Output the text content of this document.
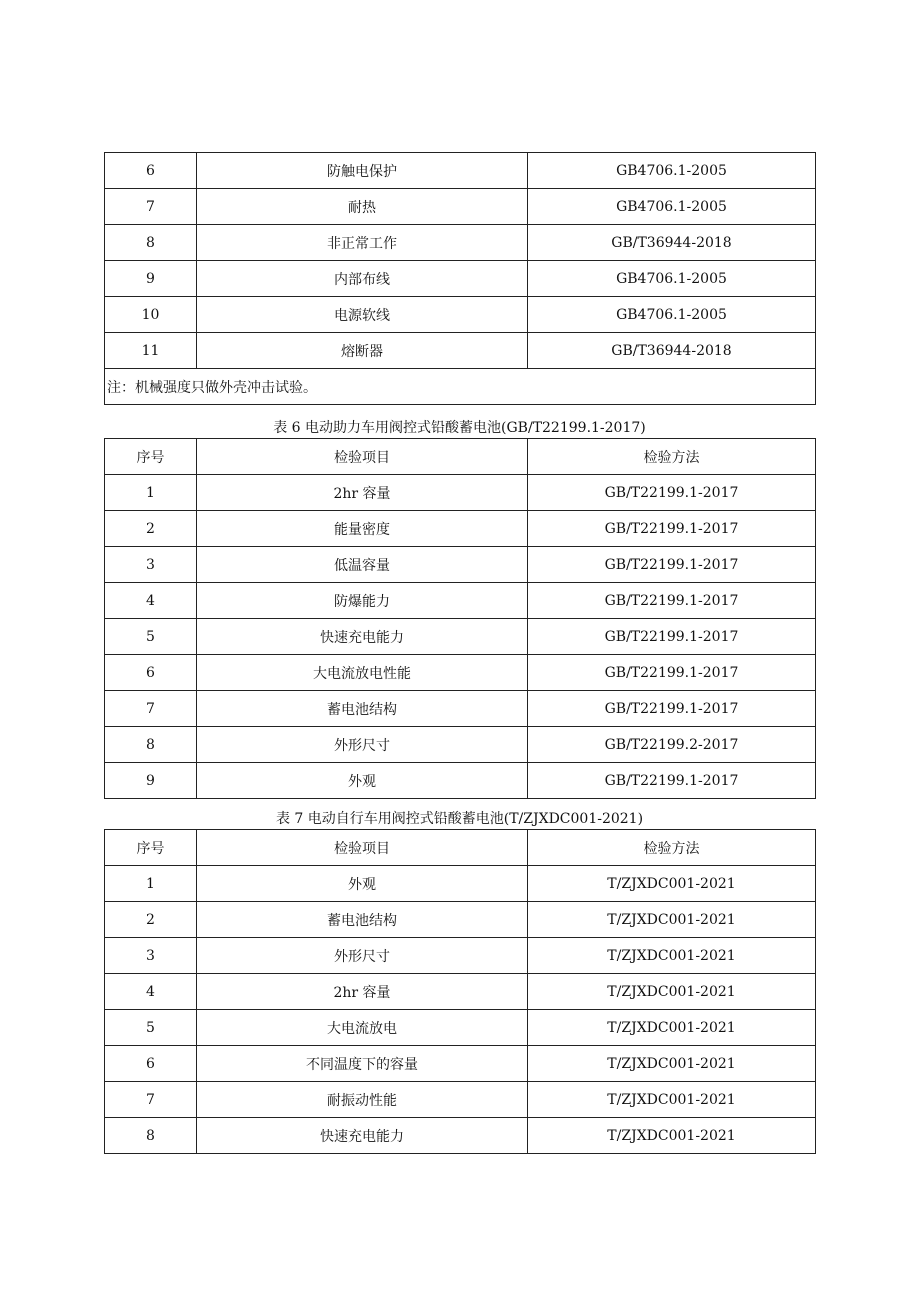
6	防触电保护	GB4706.1-2005
7	耐热	GB4706.1-2005
8	非正常工作	GB/T36944-2018
9	内部布线	GB4706.1-2005
10	电源软线	GB4706.1-2005
11	熔断器	GB/T36944-2018
注：机械强度只做外壳冲击试验。		
表 6 电动助力车用阀控式铅酸蓄电池(GB/T22199.1-2017)
序号	检验项目	检验方法
1	2hr 容量	GB/T22199.1-2017
2	能量密度	GB/T22199.1-2017
3	低温容量	GB/T22199.1-2017
4	防爆能力	GB/T22199.1-2017
5	快速充电能力	GB/T22199.1-2017
6	大电流放电性能	GB/T22199.1-2017
7	蓄电池结构	GB/T22199.1-2017
8	外形尺寸	GB/T22199.2-2017
9	外观	GB/T22199.1-2017
表 7 电动自行车用阀控式铅酸蓄电池(T/ZJXDC001-2021)
序号	检验项目	检验方法
1	外观	T/ZJXDC001-2021
2	蓄电池结构	T/ZJXDC001-2021
3	外形尺寸	T/ZJXDC001-2021
4	2hr 容量	T/ZJXDC001-2021
5	大电流放电	T/ZJXDC001-2021
6	不同温度下的容量	T/ZJXDC001-2021
7	耐振动性能	T/ZJXDC001-2021
8	快速充电能力	T/ZJXDC001-2021
